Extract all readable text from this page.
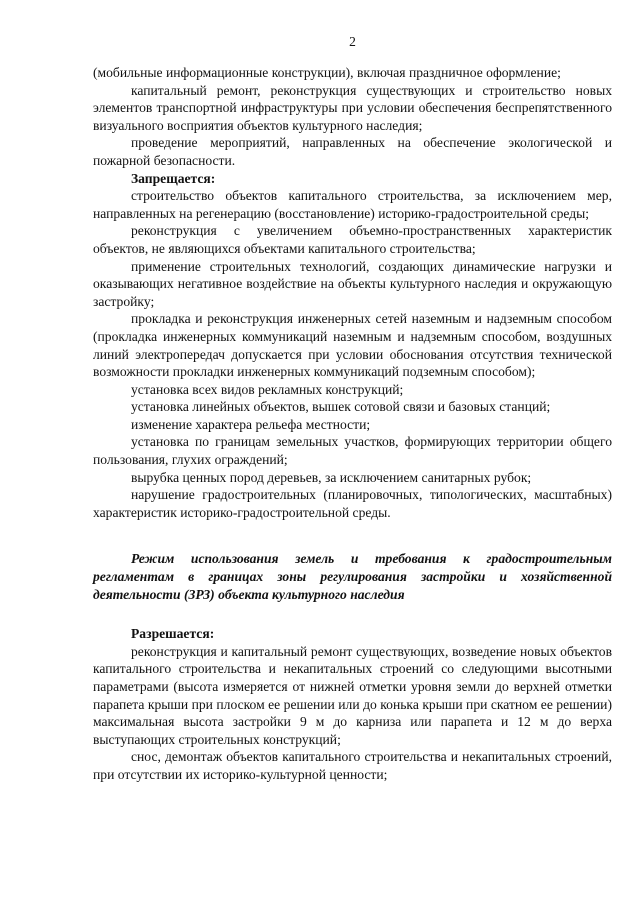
2

(мобильные информационные конструкции), включая праздничное оформление;

капитальный ремонт, реконструкция существующих и строительство новых элементов транспортной инфраструктуры при условии обеспечения беспрепятственного визуального восприятия объектов культурного наследия;

проведение мероприятий, направленных на обеспечение экологической и пожарной безопасности.

Запрещается:

строительство объектов капитального строительства, за исключением мер, направленных на регенерацию (восстановление) историко-градостроительной среды;

реконструкция с увеличением объемно-пространственных характеристик объектов, не являющихся объектами капитального строительства;

применение строительных технологий, создающих динамические нагрузки и оказывающих негативное воздействие на объекты культурного наследия и окружающую застройку;

прокладка и реконструкция инженерных сетей наземным и надземным способом (прокладка инженерных коммуникаций наземным и надземным способом, воздушных линий электропередач допускается при условии обоснования отсутствия технической возможности прокладки инженерных коммуникаций подземным способом);

установка всех видов рекламных конструкций;

установка линейных объектов, вышек сотовой связи и базовых станций;

изменение характера рельефа местности;

установка по границам земельных участков, формирующих территории общего пользования, глухих ограждений;

вырубка ценных пород деревьев, за исключением санитарных рубок;

нарушение градостроительных (планировочных, типологических, масштабных) характеристик историко-градостроительной среды.

Режим использования земель и требования к градостроительным регламентам в границах зоны регулирования застройки и хозяйственной деятельности (ЗРЗ) объекта культурного наследия

Разрешается:

реконструкция и капитальный ремонт существующих, возведение новых объектов капитального строительства и некапитальных строений со следующими высотными параметрами (высота измеряется от нижней отметки уровня земли до верхней отметки парапета крыши при плоском ее решении или до конька крыши при скатном ее решении) максимальная высота застройки 9 м до карниза или парапета и 12 м до верха выступающих строительных конструкций;

снос, демонтаж объектов капитального строительства и некапитальных строений, при отсутствии их историко-культурной ценности;
